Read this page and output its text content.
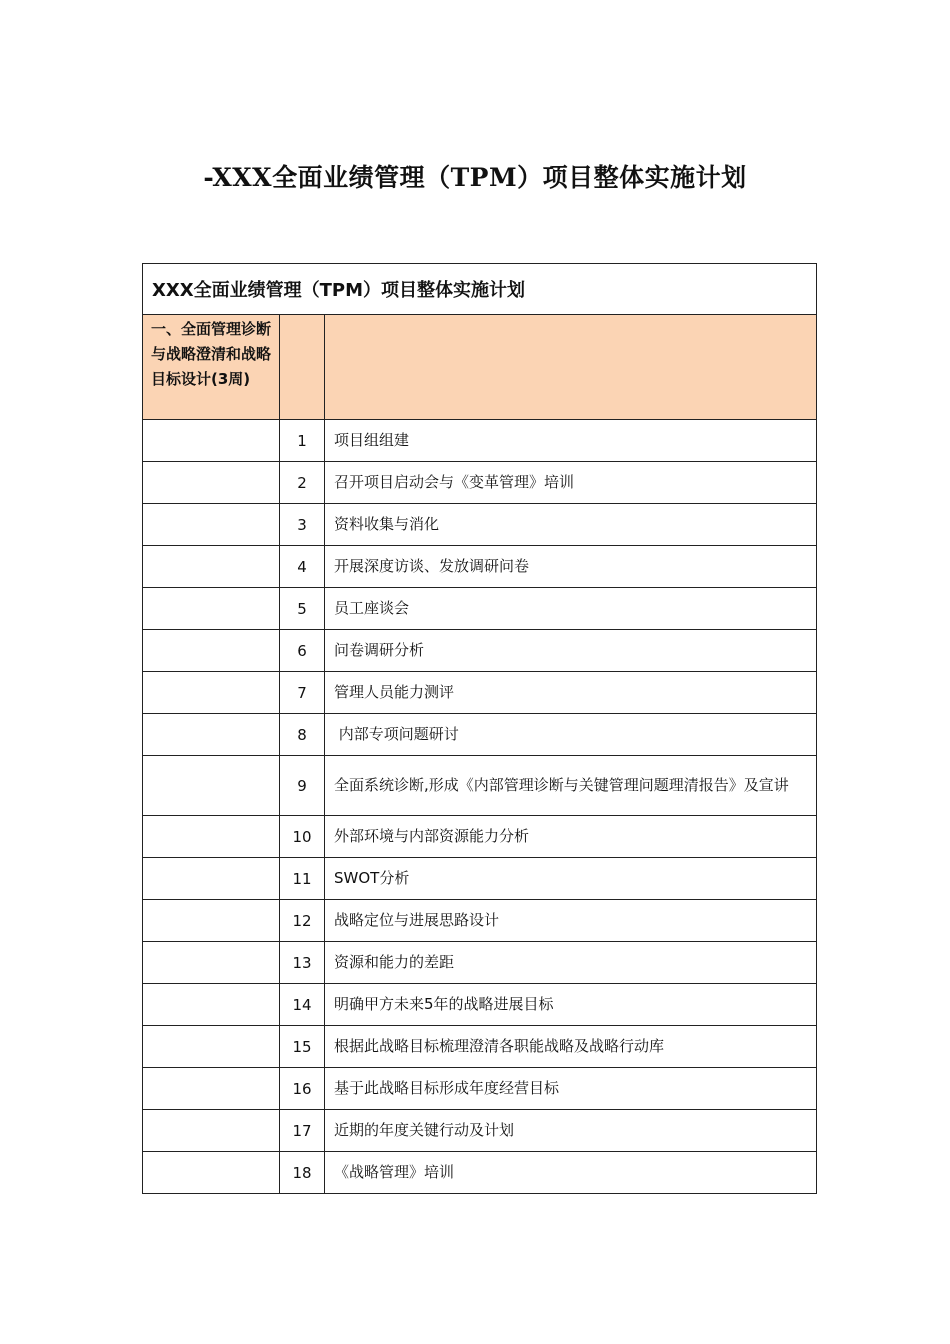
-XXX全面业绩管理（TPM）项目整体实施计划
XXX全面业绩管理（TPM）项目整体实施计划		
一、全面管理诊断与战略澄清和战略目标设计(3周)		
	1	项目组组建
	2	召开项目启动会与《变革管理》培训
	3	资料收集与消化
	4	开展深度访谈、发放调研问卷
	5	员工座谈会
	6	问卷调研分析
	7	管理人员能力测评
	8	内部专项问题研讨
	9	全面系统诊断,形成《内部管理诊断与关键管理问题理清报告》及宣讲
	10	外部环境与内部资源能力分析
	11	SWOT分析
	12	战略定位与进展思路设计
	13	资源和能力的差距
	14	明确甲方未来5年的战略进展目标
	15	根据此战略目标梳理澄清各职能战略及战略行动库
	16	基于此战略目标形成年度经营目标
	17	近期的年度关键行动及计划
	18	《战略管理》培训
